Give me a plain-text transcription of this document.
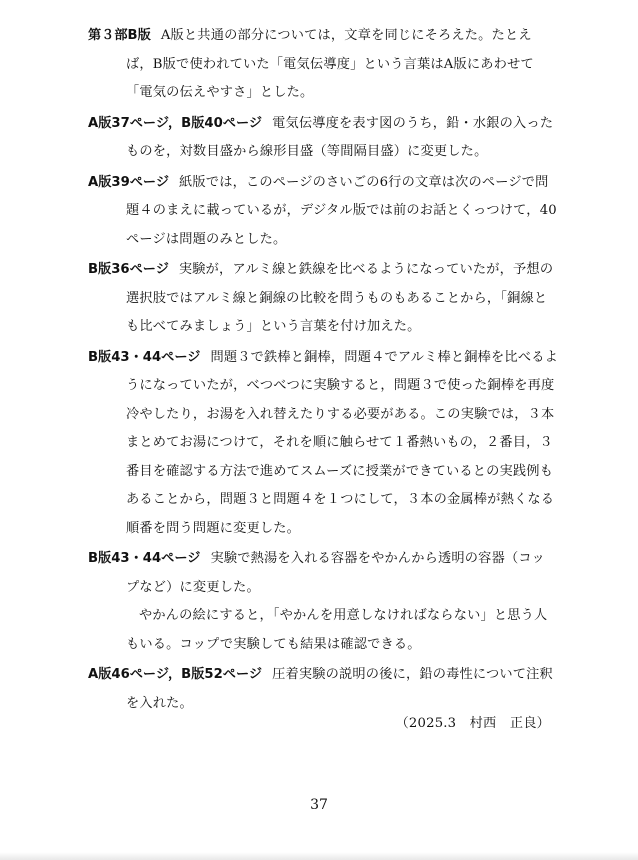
第３部B版 A版と共通の部分については，文章を同じにそろえた。たとえば，B版で使われていた「電気伝導度」という言葉はA版にあわせて「電気の伝えやすさ」とした。
A版37ページ，B版40ページ 電気伝導度を表す図のうち，鉛・水銀の入ったものを，対数目盛から線形目盛（等間隔目盛）に変更した。
A版39ページ 紙版では，このページのさいごの6行の文章は次のページで問題４のまえに載っているが，デジタル版では前のお話とくっつけて，40ページは問題のみとした。
B版36ページ 実験が，アルミ線と鉄線を比べるようになっていたが，予想の選択肢ではアルミ線と銅線の比較を問うものもあることから，「銅線とも比べてみましょう」という言葉を付け加えた。
B版43・44ページ 問題３で鉄棒と銅棒，問題４でアルミ棒と銅棒を比べるようになっていたが，べつべつに実験すると，問題３で使った銅棒を再度冷やしたり，お湯を入れ替えたりする必要がある。この実験では，３本まとめてお湯につけて，それを順に触らせて１番熱いもの，２番目，３番目を確認する方法で進めてスムーズに授業ができているとの実践例もあることから，問題３と問題４を１つにして，３本の金属棒が熱くなる順番を問う問題に変更した。
B版43・44ページ 実験で熱湯を入れる容器をやかんから透明の容器（コップなど）に変更した。
やかんの絵にすると，「やかんを用意しなければならない」と思う人もいる。コップで実験しても結果は確認できる。
A版46ページ，B版52ページ 圧着実験の説明の後に，鉛の毒性について注釈を入れた。
（2025.3　村西　正良）
37
